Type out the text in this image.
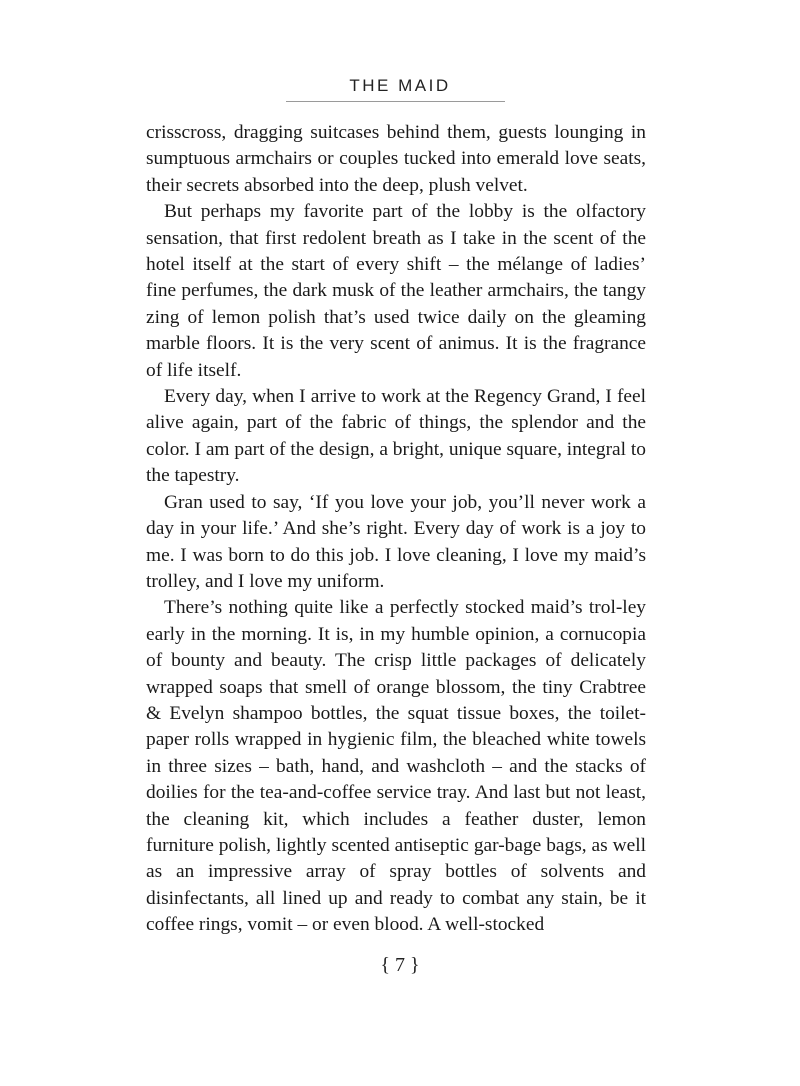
THE MAID

crisscross, dragging suitcases behind them, guests lounging in sumptuous armchairs or couples tucked into emerald love seats, their secrets absorbed into the deep, plush velvet.

But perhaps my favorite part of the lobby is the olfactory sensation, that first redolent breath as I take in the scent of the hotel itself at the start of every shift – the mélange of ladies’ fine perfumes, the dark musk of the leather armchairs, the tangy zing of lemon polish that’s used twice daily on the gleaming marble floors. It is the very scent of animus. It is the fragrance of life itself.

Every day, when I arrive to work at the Regency Grand, I feel alive again, part of the fabric of things, the splendor and the color. I am part of the design, a bright, unique square, integral to the tapestry.

Gran used to say, ‘If you love your job, you’ll never work a day in your life.’ And she’s right. Every day of work is a joy to me. I was born to do this job. I love cleaning, I love my maid’s trolley, and I love my uniform.

There’s nothing quite like a perfectly stocked maid’s trol-ley early in the morning. It is, in my humble opinion, a cornucopia of bounty and beauty. The crisp little packages of delicately wrapped soaps that smell of orange blossom, the tiny Crabtree & Evelyn shampoo bottles, the squat tissue boxes, the toilet-paper rolls wrapped in hygienic film, the bleached white towels in three sizes – bath, hand, and washcloth – and the stacks of doilies for the tea-and-coffee service tray. And last but not least, the cleaning kit, which includes a feather duster, lemon furniture polish, lightly scented antiseptic gar-bage bags, as well as an impressive array of spray bottles of solvents and disinfectants, all lined up and ready to combat any stain, be it coffee rings, vomit – or even blood. A well-stocked

{ 7 }
